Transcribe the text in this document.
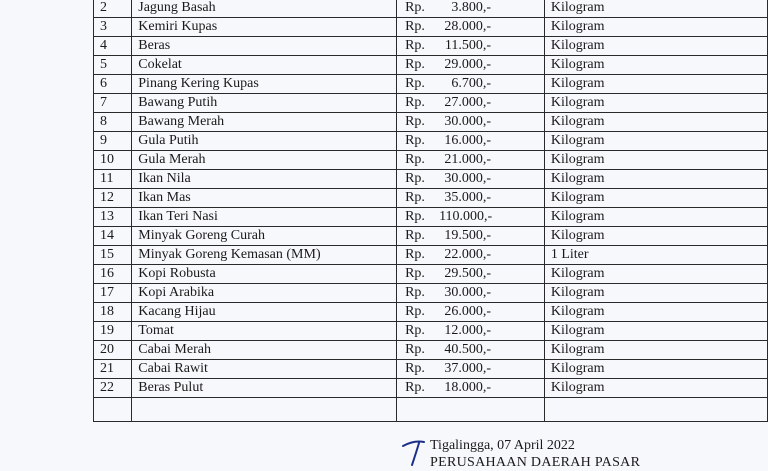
2	Jagung Basah	Rp. 3.800,-	Kilogram
3	Kemiri Kupas	Rp. 28.000,-	Kilogram
4	Beras	Rp. 11.500,-	Kilogram
5	Cokelat	Rp. 29.000,-	Kilogram
6	Pinang Kering Kupas	Rp. 6.700,-	Kilogram
7	Bawang Putih	Rp. 27.000,-	Kilogram
8	Bawang Merah	Rp. 30.000,-	Kilogram
9	Gula Putih	Rp. 16.000,-	Kilogram
10	Gula Merah	Rp. 21.000,-	Kilogram
11	Ikan Nila	Rp. 30.000,-	Kilogram
12	Ikan Mas	Rp. 35.000,-	Kilogram
13	Ikan Teri Nasi	Rp. 110.000,-	Kilogram
14	Minyak Goreng Curah	Rp. 19.500,-	Kilogram
15	Minyak Goreng Kemasan (MM)	Rp. 22.000,-	1 Liter
16	Kopi Robusta	Rp. 29.500,-	Kilogram
17	Kopi Arabika	Rp. 30.000,-	Kilogram
18	Kacang Hijau	Rp. 26.000,-	Kilogram
19	Tomat	Rp. 12.000,-	Kilogram
20	Cabai Merah	Rp. 40.500,-	Kilogram
21	Cabai Rawit	Rp. 37.000,-	Kilogram
22	Beras Pulut	Rp. 18.000,-	Kilogram

Tigalingga, 07 April 2022
PERUSAHAAN DAERAH PASAR
